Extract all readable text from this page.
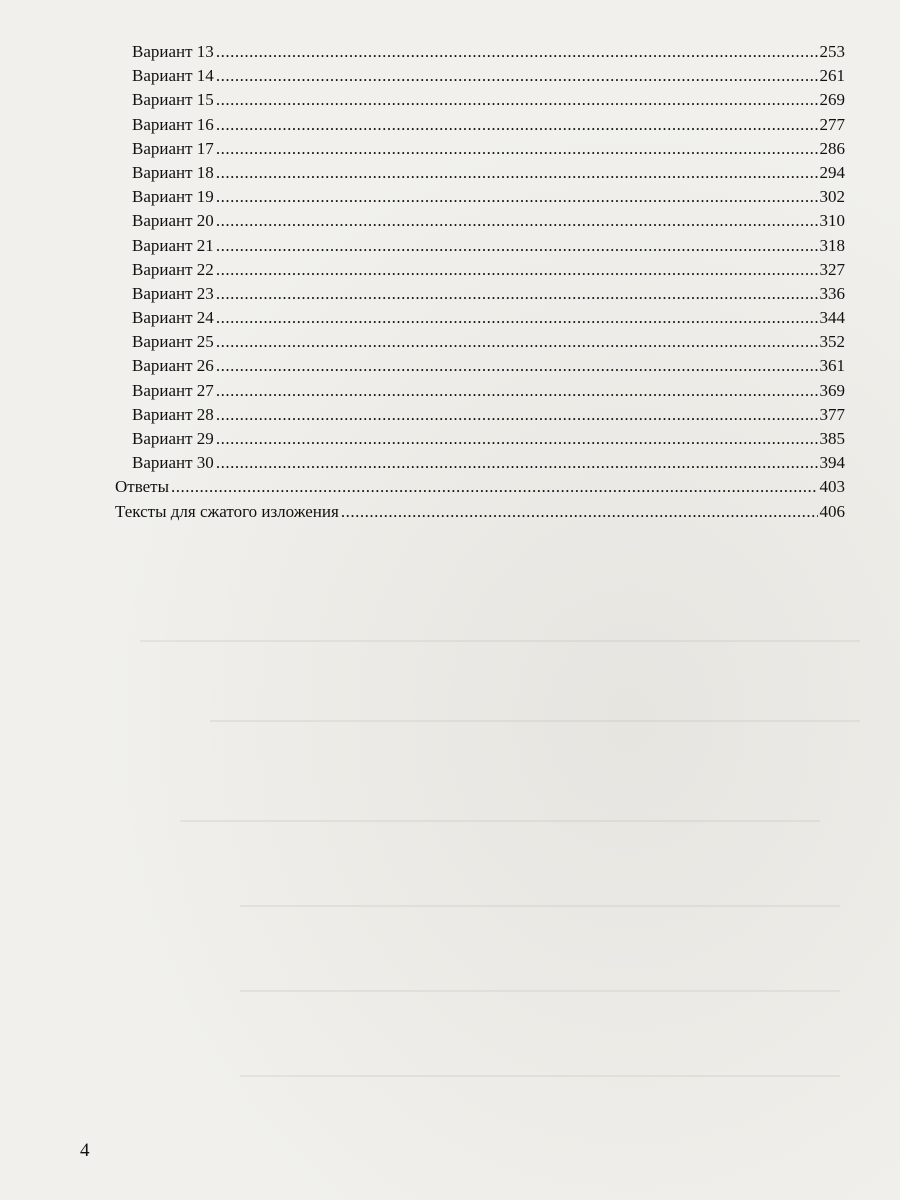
Вариант 13 .....	253
Вариант 14 .....	261
Вариант 15 .....	269
Вариант 16 .....	277
Вариант 17 .....	286
Вариант 18 .....	294
Вариант 19 .....	302
Вариант 20 .....	310
Вариант 21 .....	318
Вариант 22 .....	327
Вариант 23 .....	336
Вариант 24 .....	344
Вариант 25 .....	352
Вариант 26 .....	361
Вариант 27 .....	369
Вариант 28 .....	377
Вариант 29 .....	385
Вариант 30 .....	394
Ответы .....	403
Тексты для сжатого изложения .....	406
4
